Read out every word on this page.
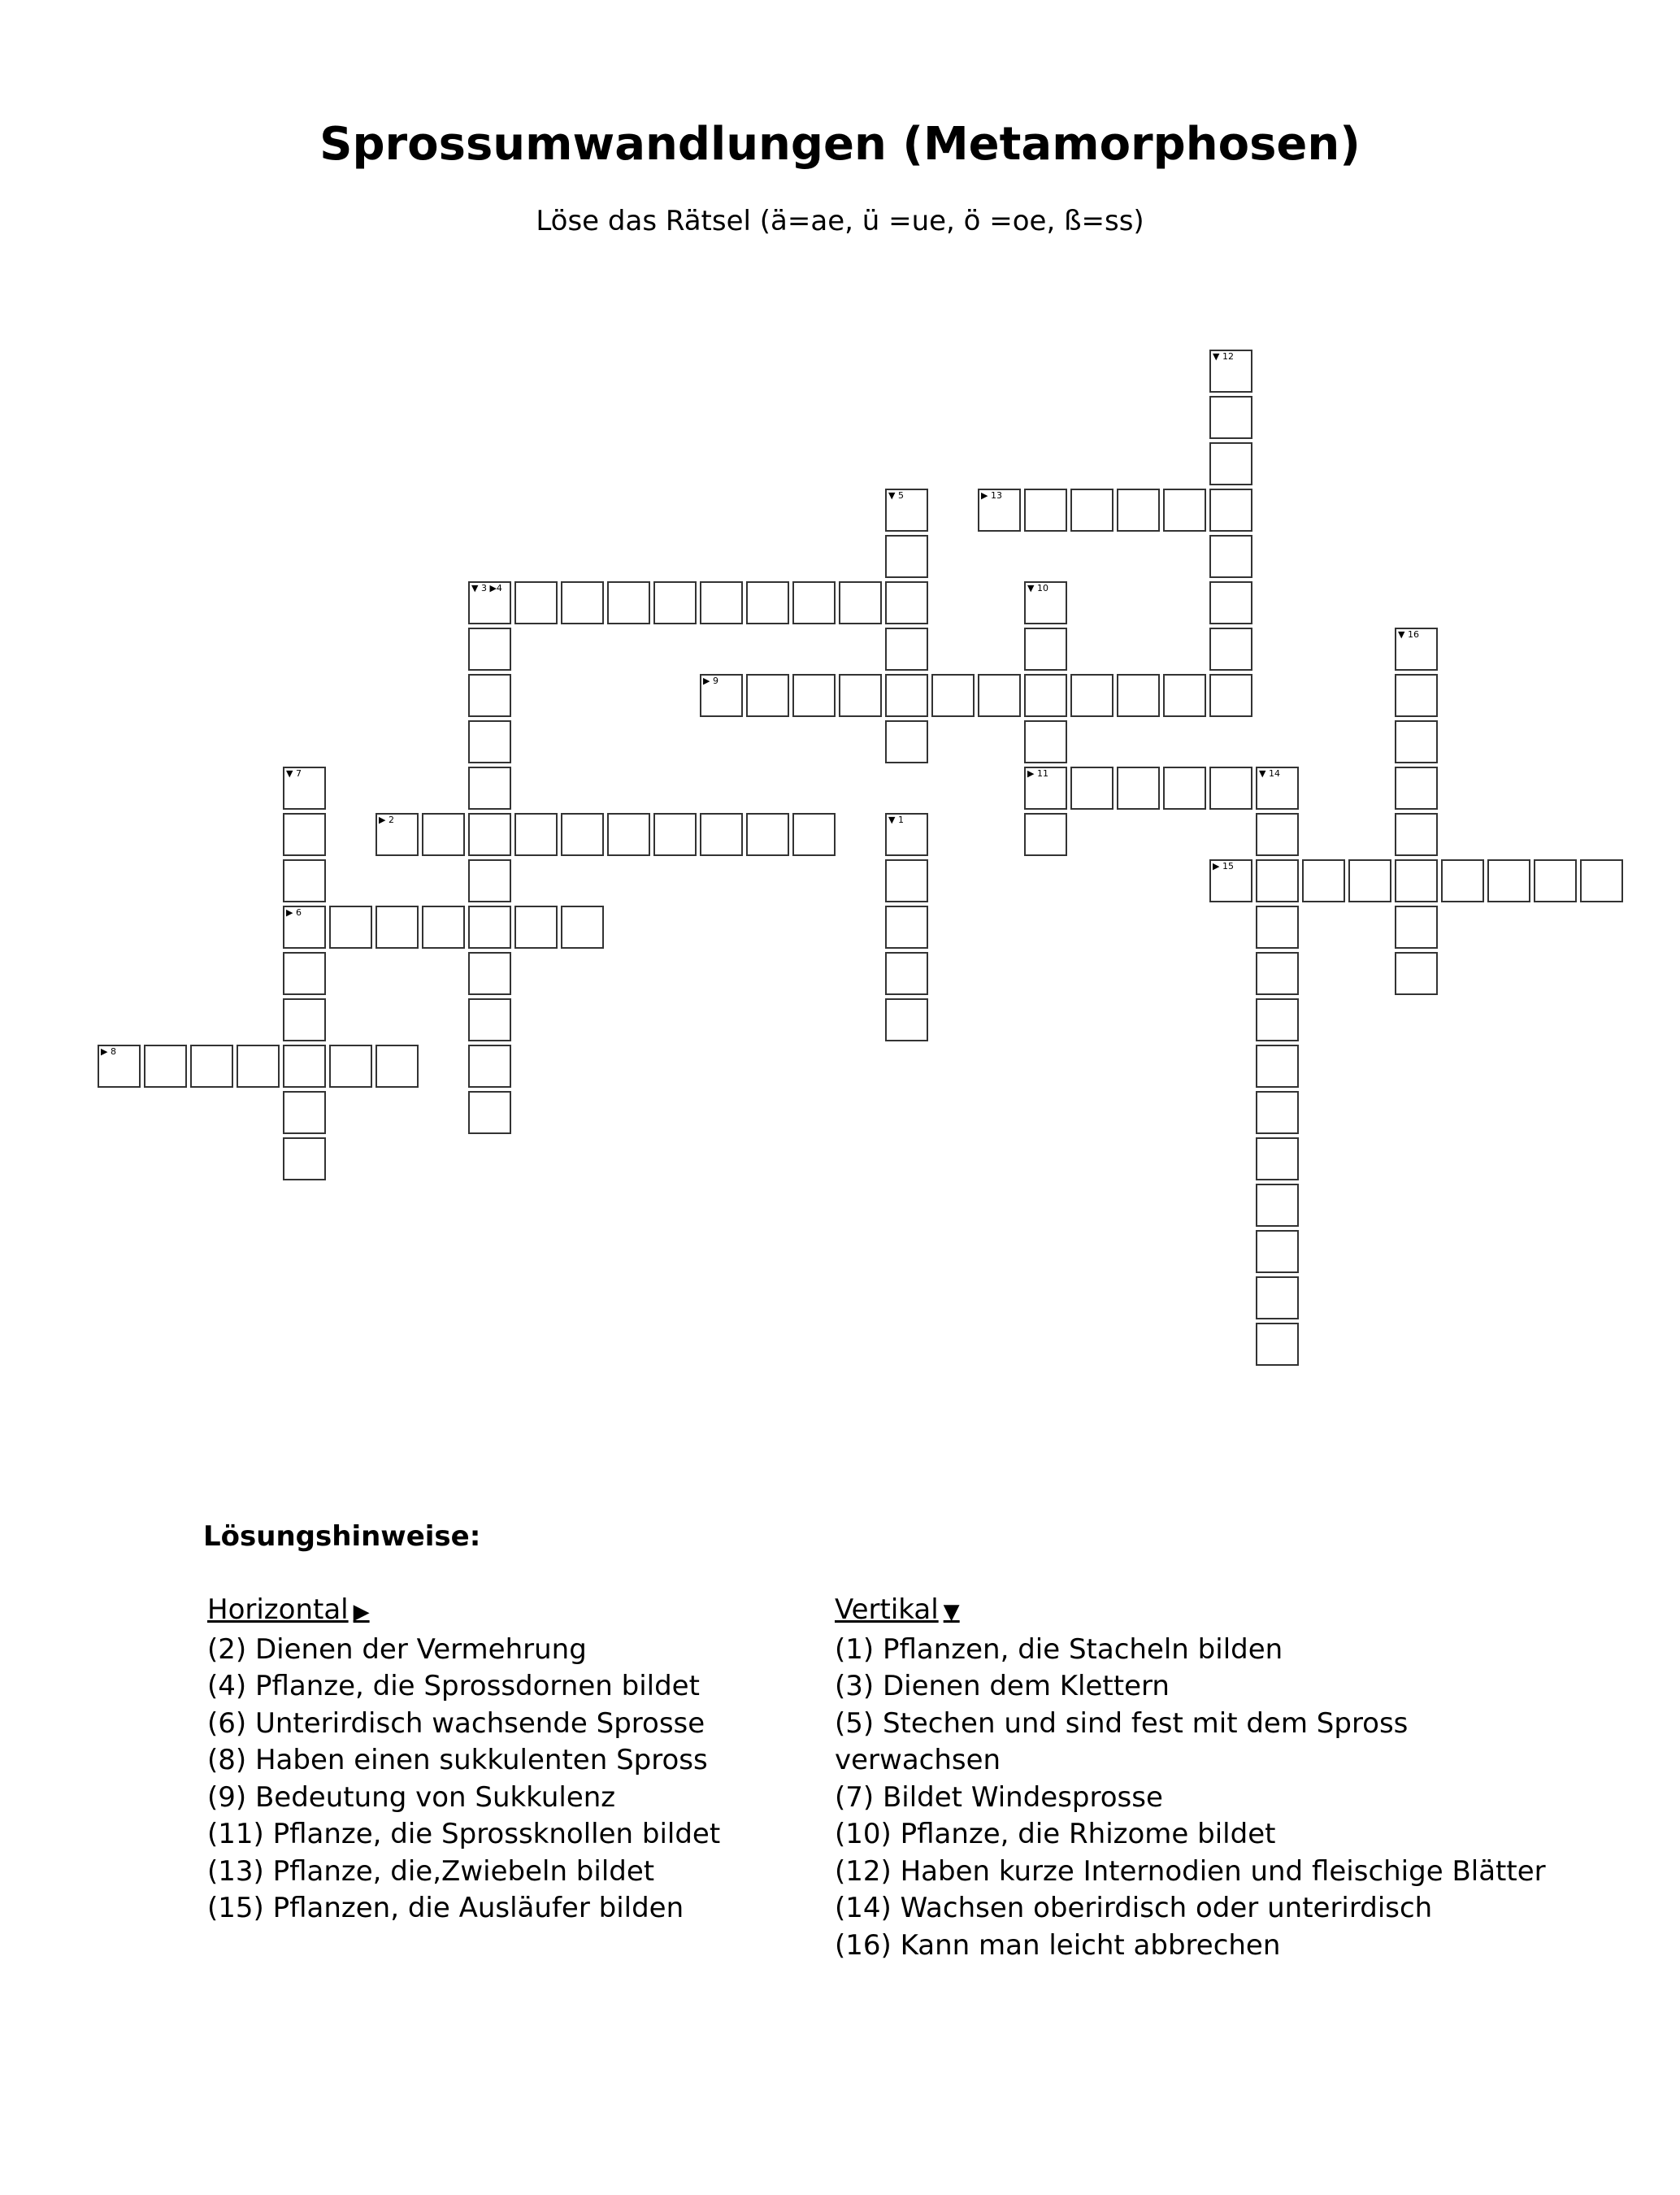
Sprossumwandlungen (Metamorphosen)

Löse das Rätsel (ä=ae, ü =ue, ö =oe, ß=ss)

▼ 12
▼ 5	▶ 13
▼ 3 ▶4	▼ 10
▶ 11
▼ 16
▶ 9
▼ 7
▶ 6
▼ 14
▶ 2	▼ 1
▶ 15
▶ 8
Lösungshinweise:
Horizontal ▶
(2) Dienen der Vermehrung
(4) Pflanze, die Sprossdornen bildet
(6) Unterirdisch wachsende Sprosse
(8) Haben einen sukkulenten Spross
(9) Bedeutung von Sukkulenz
(11) Pflanze, die Sprossknollen bildet
(13) Pflanze, die,Zwiebeln bildet
(15) Pflanzen, die Ausläufer bilden
Vertikal ▼
(1) Pflanzen, die Stacheln bilden
(3) Dienen dem Klettern
(5) Stechen und sind fest mit dem Spross verwachsen
(7) Bildet Windesprosse
(10) Pflanze, die Rhizome bildet
(12) Haben kurze Internodien und fleischige Blätter
(14) Wachsen oberirdisch oder unterirdisch
(16) Kann man leicht abbrechen
